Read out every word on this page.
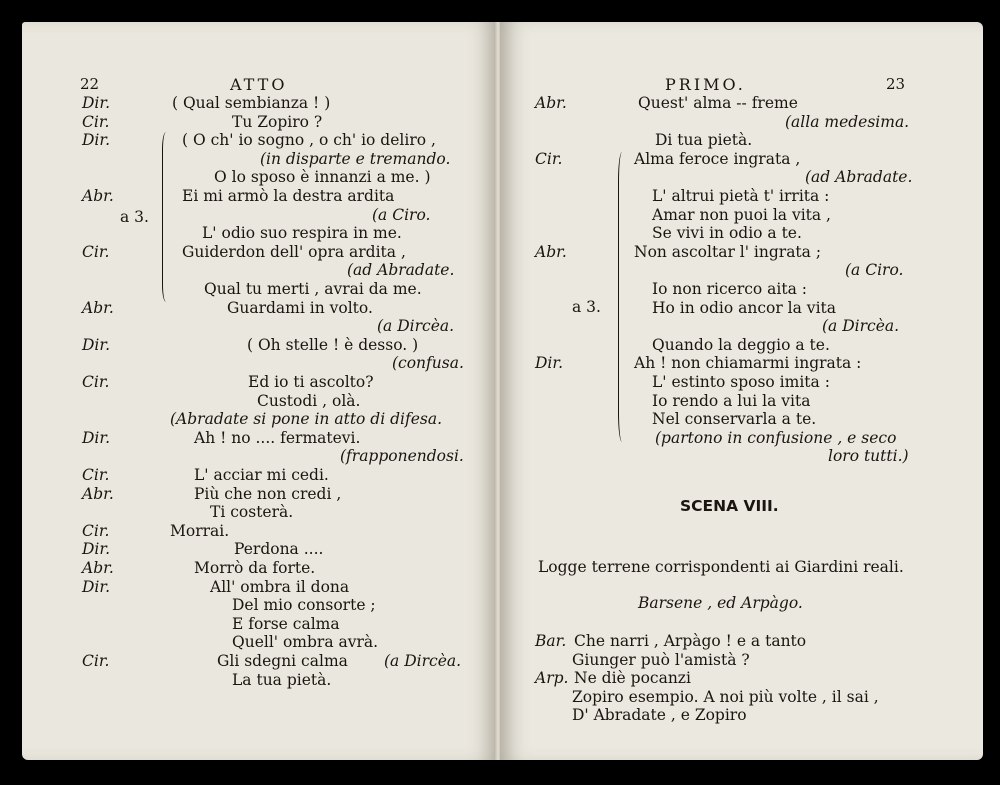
22	ATTO
Dir.	( Qual sembianza ! )
Cir.	Tu Zopiro ?
Dir.	( O ch' io sogno , o ch' io deliro ,
(in disparte e tremando.
O lo sposo è innanzi a me. )
Abr.	Ei mi armò la destra ardita
(a Ciro.
L' odio suo respira in me.
Cir.	Guiderdon dell' opra ardita ,
(ad Abradate.
Qual tu merti , avrai da me.
Abr.	Guardami in volto.
(a Dircèa.
Dir.	( Oh stelle ! è desso. )
(confusa.
Cir.	Ed io ti ascolto?
Custodi , olà.
(Abradate si pone in atto di difesa.
Dir.	Ah ! no .... fermatevi.
(frapponendosi.
Cir.	L' acciar mi cedi.
Abr.	Più che non credi ,
Ti costerà.
Cir.	Morrai.
Dir.	Perdona ....
Abr.	Morrò da forte.
Dir.	All' ombra il dona
Del mio consorte ;
E forse calma
Quell' ombra avrà.
Cir.	Gli sdegni calma
La tua pietà.
(a Dircèa.
a 3.
PRIMO.	23
Abr.	Quest' alma -- freme
(alla medesima.
Di tua pietà.
Cir.	Alma feroce ingrata ,
(ad Abradate.
L' altrui pietà t' irrita :
Amar non puoi la vita ,
Se vivi in odio a te.
Abr.	Non ascoltar l' ingrata ;
(a Ciro.
Io non ricerco aita :
Ho in odio ancor la vita
(a Dircèa.
Quando la deggio a te.
Dir.	Ah ! non chiamarmi ingrata :
L' estinto sposo imita :
Io rendo a lui la vita
Nel conservarla a te.
(partono in confusione , e seco
loro tutti.)
a 3.
SCENA VIII.
Logge terrene corrispondenti ai Giardini reali.
Barsene , ed Arpàgo.
Bar. Che narri , Arpàgo ! e a tanto
Giunger può l'amistà ?
Arp. Ne diè pocanzi
Zopiro esempio. A noi più volte , il sai ,
D' Abradate , e Zopiro
